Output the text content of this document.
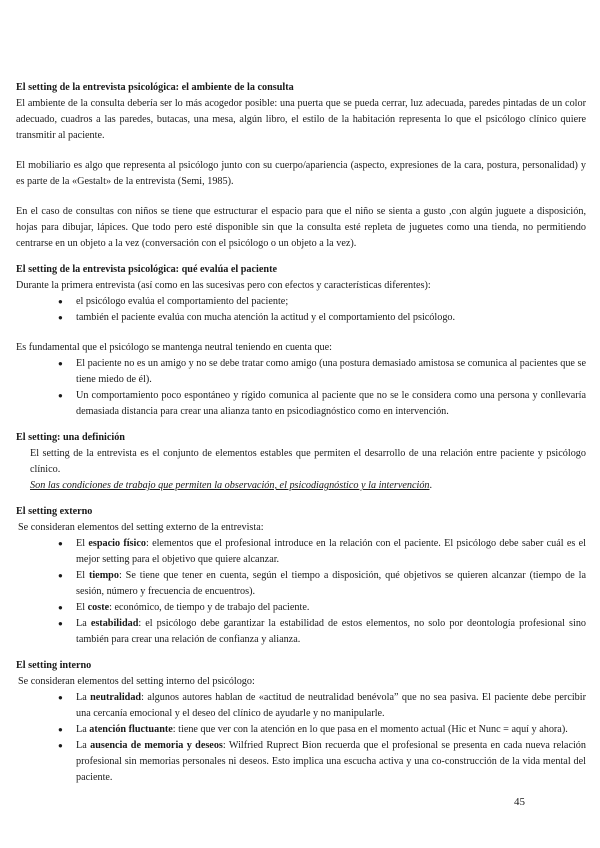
El setting de la entrevista psicológica: el ambiente de la consulta

El ambiente de la consulta debería ser lo más acogedor posible: una puerta que se pueda cerrar, luz adecuada, paredes pintadas de un color adecuado, cuadros a las paredes, butacas, una mesa, algún libro, el estilo de la habitación representa lo que el psicólogo clínico quiere transmitir al paciente.

El mobiliario es algo que representa al psicólogo junto con su cuerpo/apariencia (aspecto, expresiones de la cara, postura, personalidad) y es parte de la «Gestalt» de la entrevista (Semi, 1985).

En el caso de consultas con niños se tiene que estructurar el espacio para que el niño se sienta a gusto ,con algún juguete a disposición, hojas para dibujar, lápices. Que todo pero esté disponible sin que la consulta esté repleta de juguetes como una tienda, no permitiendo centrarse en un objeto a la vez (conversación con el psicólogo o un objeto a la vez).

El setting de la entrevista psicológica: qué evalúa el paciente

Durante la primera entrevista (así como en las sucesivas pero con efectos y características diferentes):

● el psicólogo evalúa el comportamiento del paciente;
● también el paciente evalúa con mucha atención la actitud y el comportamiento del psicólogo.

Es fundamental que el psicólogo se mantenga neutral teniendo en cuenta que:

● El paciente no es un amigo y no se debe tratar como amigo (una postura demasiado amistosa se comunica al pacientes que se tiene miedo de él).
● Un comportamiento poco espontáneo y rígido comunica al paciente que no se le considera como una persona y conllevaría demasiada distancia para crear una alianza tanto en psicodiagnóstico como en intervención.

El setting: una definición

El setting de la entrevista es el conjunto de elementos estables que permiten el desarrollo de una relación entre paciente y psicólogo clínico.

Son las condiciones de trabajo que permiten la observación, el psicodiagnóstico y la intervención.

El setting externo

Se consideran elementos del setting externo de la entrevista:

● El espacio físico: elementos que el profesional introduce en la relación con el paciente. El psicólogo debe saber cuál es el mejor setting para el objetivo que quiere alcanzar.
● El tiempo: Se tiene que tener en cuenta, según el tiempo a disposición, qué objetivos se quieren alcanzar (tiempo de la sesión, número y frecuencia de encuentros).
● El coste: económico, de tiempo y de trabajo del paciente.
● La estabilidad: el psicólogo debe garantizar la estabilidad de estos elementos, no solo por deontología profesional sino también para crear una relación de confianza y alianza.

El setting interno

Se consideran elementos del setting interno del psicólogo:

● La neutralidad: algunos autores hablan de «actitud de neutralidad benévola” que no sea pasiva. El paciente debe percibir una cercanía emocional y el deseo del clínico de ayudarle y no manipularle.
● La atención fluctuante: tiene que ver con la atención en lo que pasa en el momento actual (Hic et Nunc = aquí y ahora).
● La ausencia de memoria y deseos: Wilfried Ruprect Bion recuerda que el profesional se presenta en cada nueva relación profesional sin memorias personales ni deseos. Esto implica una escucha activa y una co-construcción de la vida mental del paciente.
45
